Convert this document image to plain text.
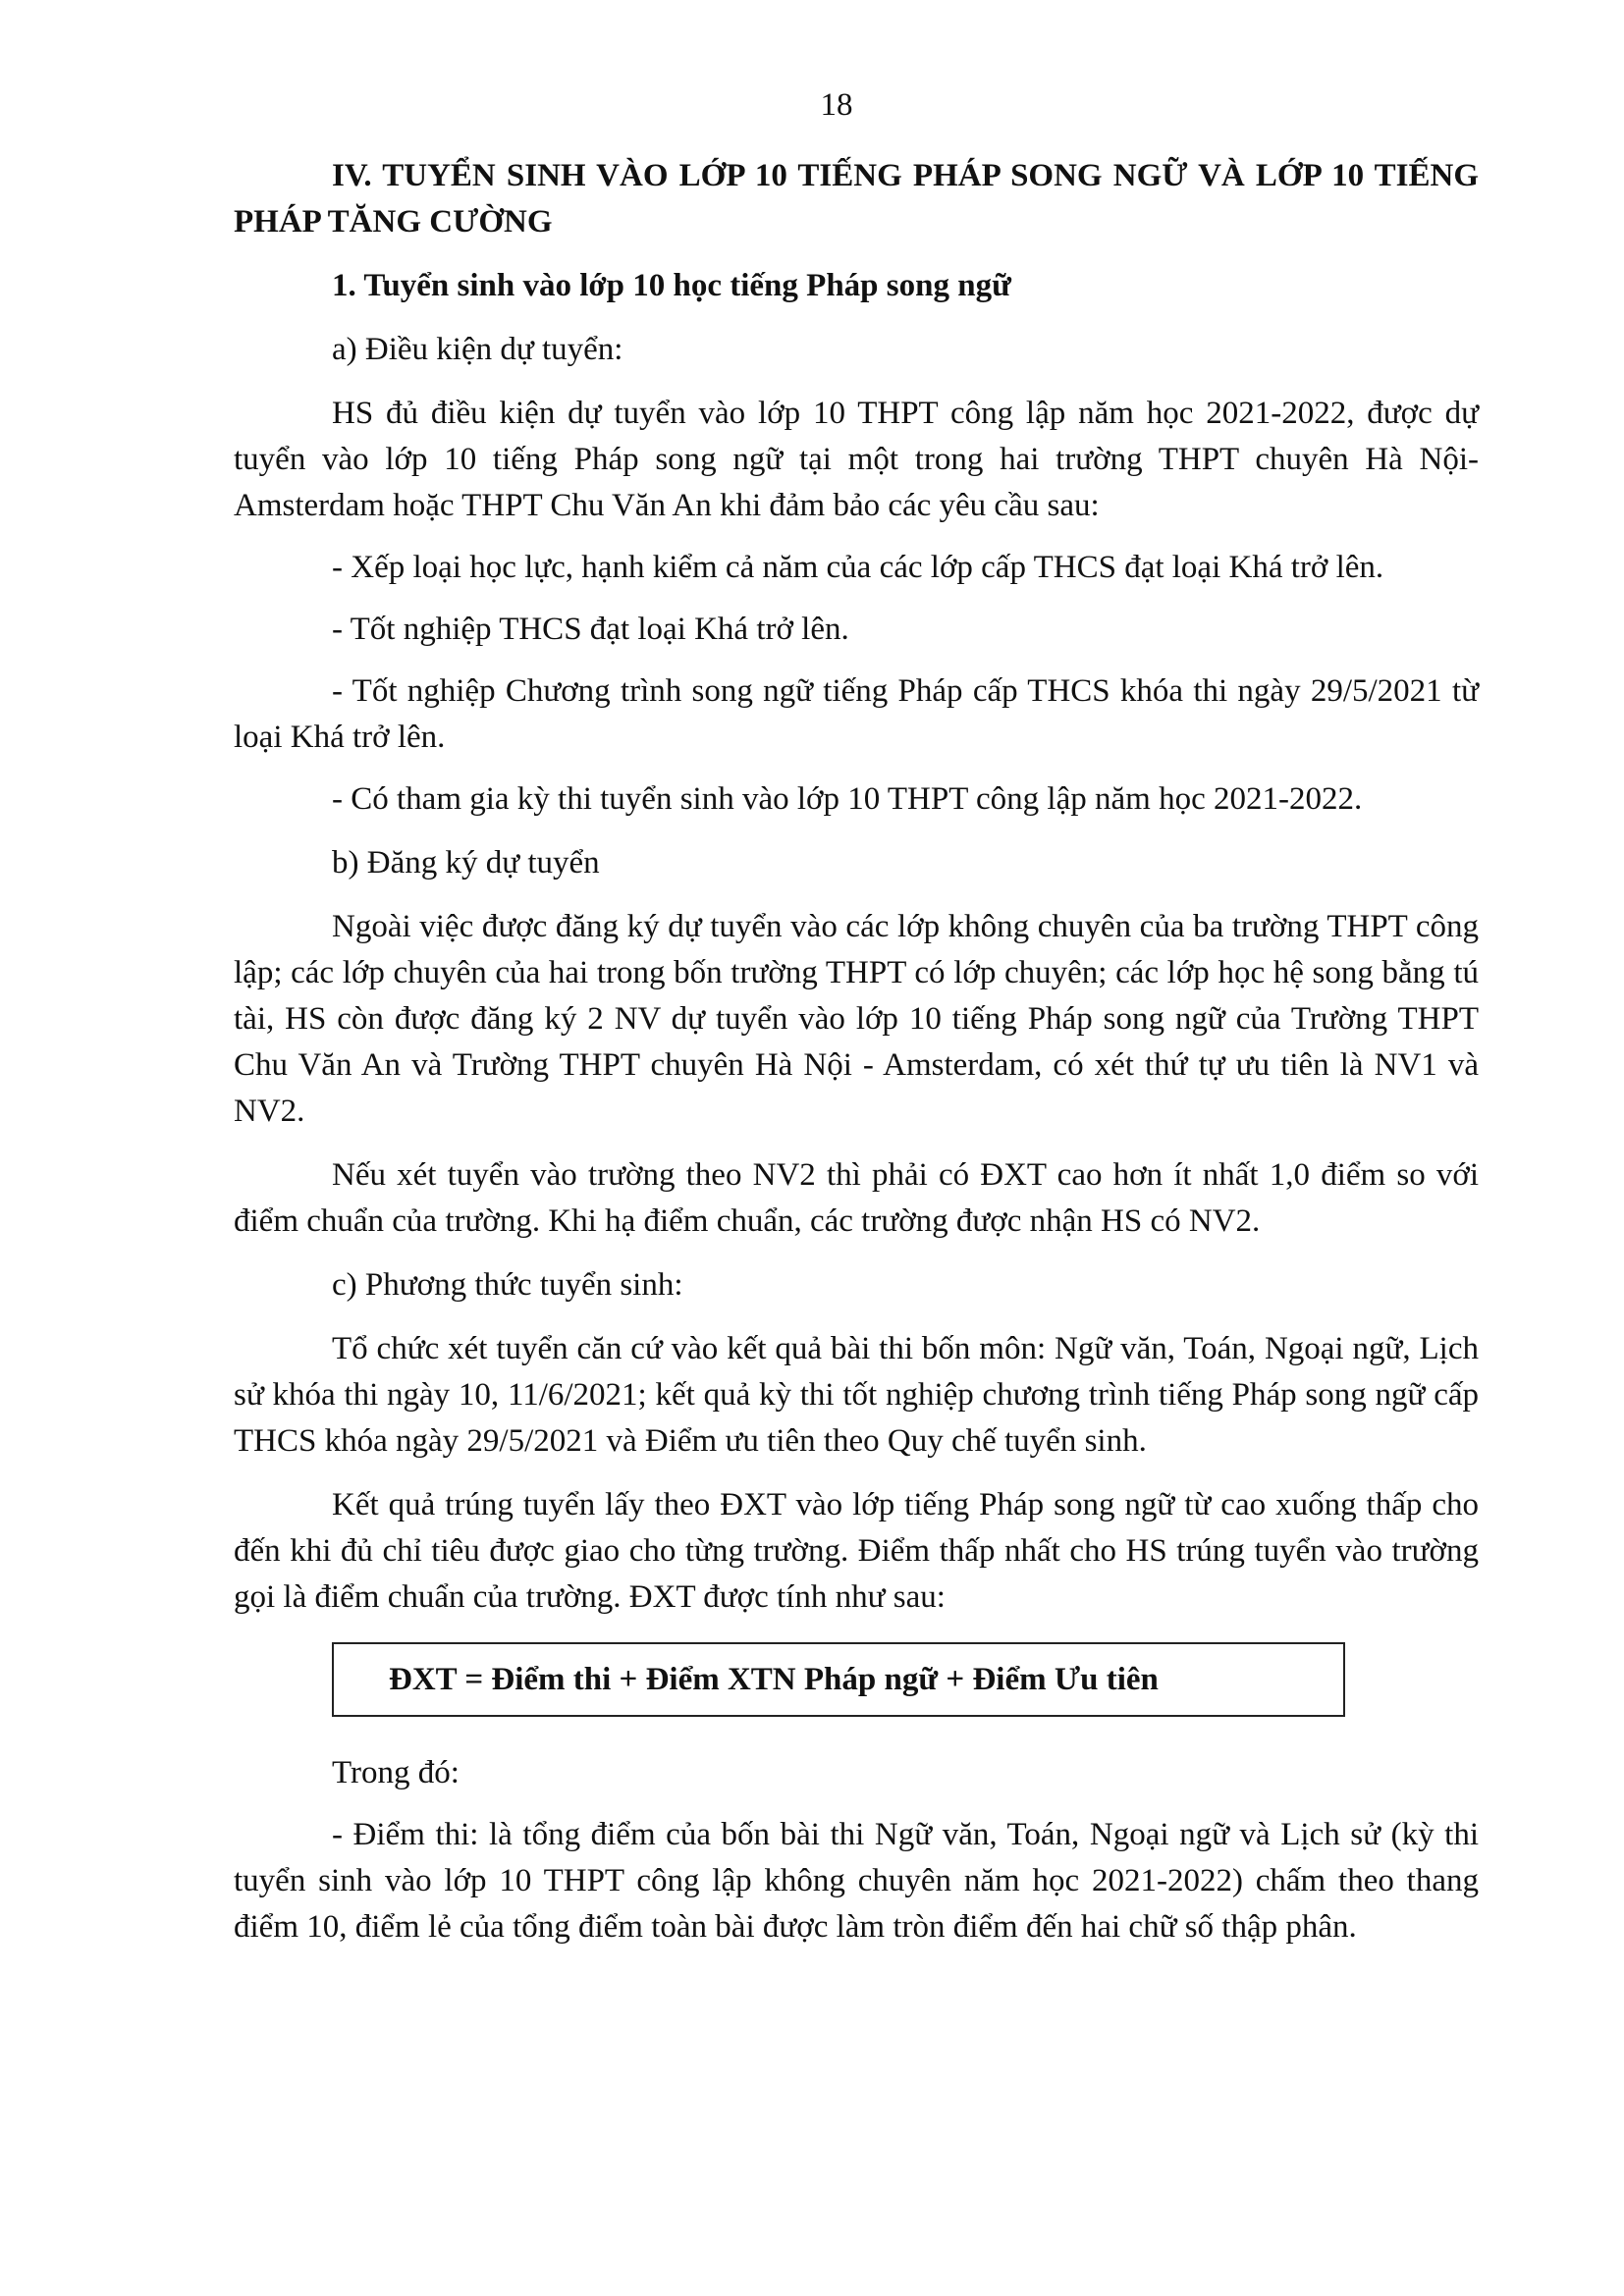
18

IV. TUYỂN SINH VÀO LỚP 10 TIẾNG PHÁP SONG NGỮ VÀ LỚP 10 TIẾNG PHÁP TĂNG CƯỜNG

1. Tuyển sinh vào lớp 10 học tiếng Pháp song ngữ

a) Điều kiện dự tuyển:

HS đủ điều kiện dự tuyển vào lớp 10 THPT công lập năm học 2021-2022, được dự tuyển vào lớp 10 tiếng Pháp song ngữ tại một trong hai trường THPT chuyên Hà Nội-Amsterdam hoặc THPT Chu Văn An khi đảm bảo các yêu cầu sau:

- Xếp loại học lực, hạnh kiểm cả năm của các lớp cấp THCS đạt loại Khá trở lên.

- Tốt nghiệp THCS đạt loại Khá trở lên.

- Tốt nghiệp Chương trình song ngữ tiếng Pháp cấp THCS khóa thi ngày 29/5/2021 từ loại Khá trở lên.

- Có tham gia kỳ thi tuyển sinh vào lớp 10 THPT công lập năm học 2021-2022.

b) Đăng ký dự tuyển

Ngoài việc được đăng ký dự tuyển vào các lớp không chuyên của ba trường THPT công lập; các lớp chuyên của hai trong bốn trường THPT có lớp chuyên; các lớp học hệ song bằng tú tài, HS còn được đăng ký 2 NV dự tuyển vào lớp 10 tiếng Pháp song ngữ của Trường THPT Chu Văn An và Trường THPT chuyên Hà Nội - Amsterdam, có xét thứ tự ưu tiên là NV1 và NV2.

Nếu xét tuyển vào trường theo NV2 thì phải có ĐXT cao hơn ít nhất 1,0 điểm so với điểm chuẩn của trường. Khi hạ điểm chuẩn, các trường được nhận HS có NV2.

c) Phương thức tuyển sinh:

Tổ chức xét tuyển căn cứ vào kết quả bài thi bốn môn: Ngữ văn, Toán, Ngoại ngữ, Lịch sử khóa thi ngày 10, 11/6/2021; kết quả kỳ thi tốt nghiệp chương trình tiếng Pháp song ngữ cấp THCS khóa ngày 29/5/2021 và Điểm ưu tiên theo Quy chế tuyển sinh.

Kết quả trúng tuyển lấy theo ĐXT vào lớp tiếng Pháp song ngữ từ cao xuống thấp cho đến khi đủ chỉ tiêu được giao cho từng trường. Điểm thấp nhất cho HS trúng tuyển vào trường gọi là điểm chuẩn của trường. ĐXT được tính như sau:

ĐXT = Điểm thi + Điểm XTN Pháp ngữ + Điểm Ưu tiên

Trong đó:

- Điểm thi: là tổng điểm của bốn bài thi Ngữ văn, Toán, Ngoại ngữ và Lịch sử (kỳ thi tuyển sinh vào lớp 10 THPT công lập không chuyên năm học 2021-2022) chấm theo thang điểm 10, điểm lẻ của tổng điểm toàn bài được làm tròn điểm đến hai chữ số thập phân.
